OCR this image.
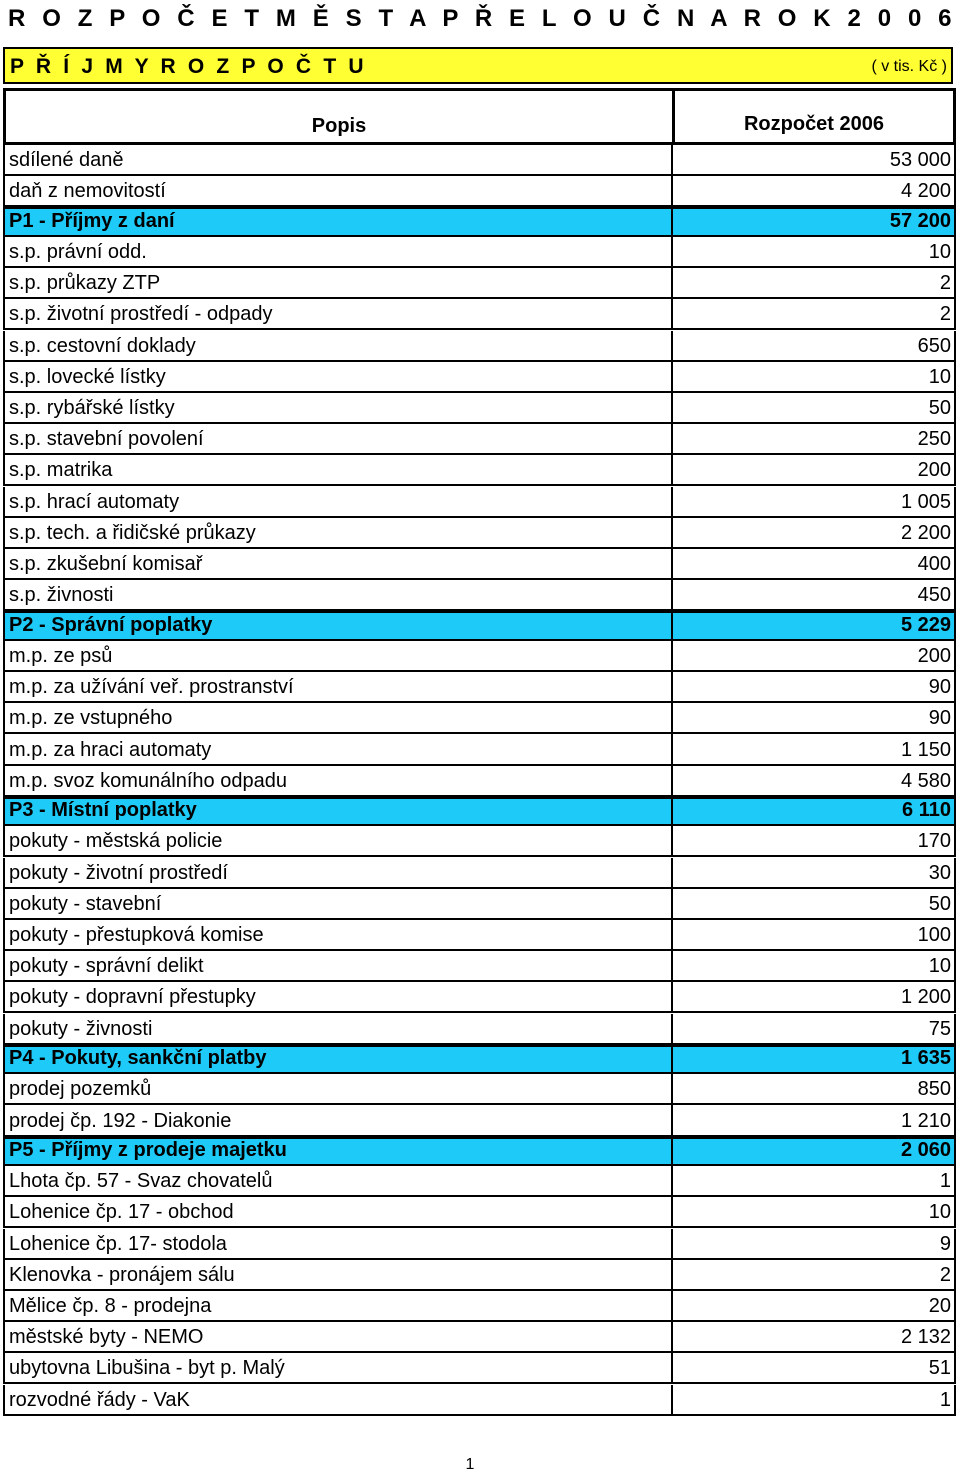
R O Z P O Č E T M Ě S T A P Ř E L O U Č N A R O K 2 0 0 6
P Ř Í J M Y R O Z P O Č T U	( v tis. Kč )
Popis	Rozpočet 2006
sdílené daně	53 000
daň z nemovitostí	4 200
P1 - Příjmy z daní	57 200
s.p. právní odd.	10
s.p. průkazy ZTP	2
s.p. životní prostředí - odpady	2
s.p. cestovní doklady	650
s.p. lovecké lístky	10
s.p. rybářské lístky	50
s.p. stavební povolení	250
s.p. matrika	200
s.p. hrací automaty	1 005
s.p. tech. a řidičské průkazy	2 200
s.p. zkušební komisař	400
s.p. živnosti	450
P2 - Správní poplatky	5 229
m.p. ze psů	200
m.p. za užívání veř. prostranství	90
m.p. ze vstupného	90
m.p. za hraci automaty	1 150
m.p. svoz komunálního odpadu	4 580
P3 - Místní poplatky	6 110
pokuty - městská policie	170
pokuty - životní prostředí	30
pokuty - stavební	50
pokuty - přestupková komise	100
pokuty - správní delikt	10
pokuty - dopravní přestupky	1 200
pokuty - živnosti	75
P4 - Pokuty, sankční platby	1 635
prodej pozemků	850
prodej čp. 192 - Diakonie	1 210
P5 - Příjmy z prodeje majetku	2 060
Lhota čp. 57 - Svaz chovatelů	1
Lohenice čp. 17 - obchod	10
Lohenice čp. 17- stodola	9
Klenovka - pronájem sálu	2
Mělice čp. 8 - prodejna	20
městské byty - NEMO	2 132
ubytovna Libušina - byt p. Malý	51
rozvodné řády - VaK	1
1
